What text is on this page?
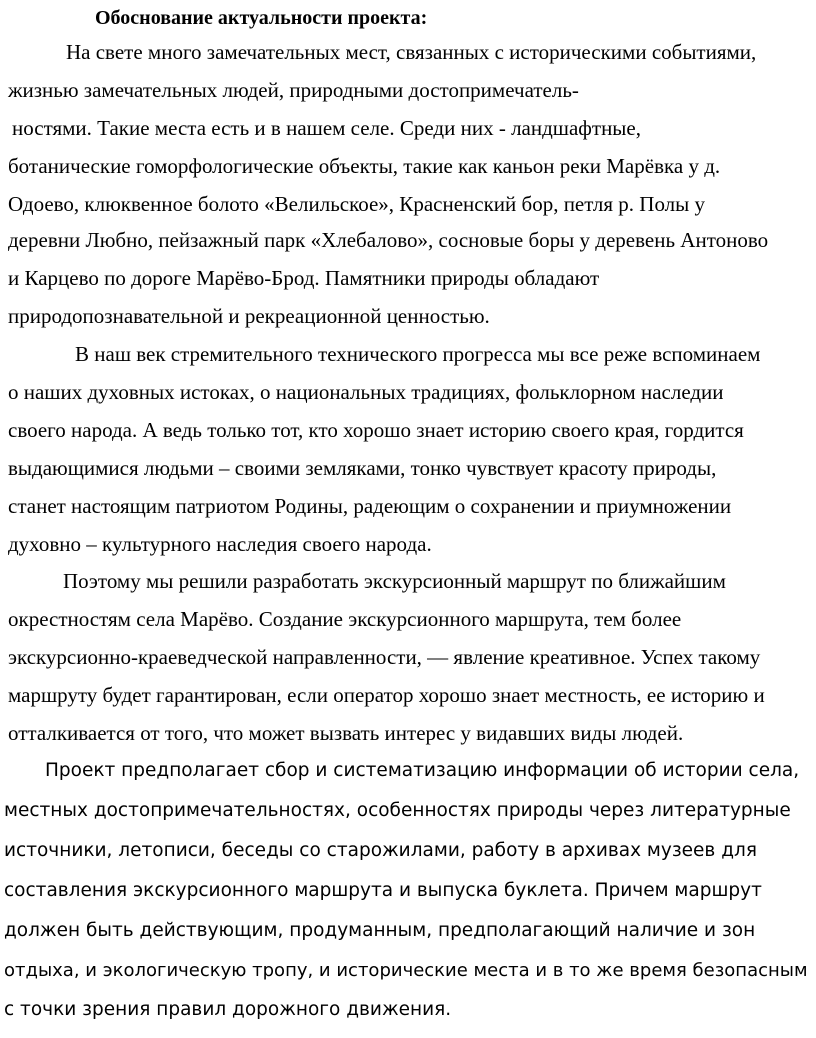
Обоснование актуальности проекта:

На свете много замечательных мест, связанных с историческими событиями,

жизнью замечательных людей, природными достопримечатель-

ностями. Такие места есть и в нашем селе. Среди них - ландшафтные,

ботанические гоморфологические объекты, такие как каньон реки Марёвка у д.

Одоево, клюквенное болото «Велильское», Красненский бор, петля р. Полы у

деревни Любно, пейзажный парк «Хлебалово», сосновые боры у деревень Антоново

и Карцево по дороге Марёво-Брод. Памятники природы обладают

природопознавательной и рекреационной ценностью.

В наш век стремительного технического прогресса мы все реже вспоминаем

о наших духовных истоках, о национальных традициях, фольклорном наследии

своего народа. А ведь только тот, кто хорошо знает историю своего края, гордится

выдающимися людьми – своими земляками, тонко чувствует красоту природы,

станет настоящим патриотом Родины, радеющим о сохранении и приумножении

духовно – культурного наследия своего народа.

Поэтому мы решили разработать экскурсионный маршрут по ближайшим

окрестностям села Марёво. Создание экскурсионного маршрута, тем более

экскурсионно-краеведческой направленности, — явление креативное. Успех такому

маршруту будет гарантирован, если оператор хорошо знает местность, ее историю и

отталкивается от того, что может вызвать интерес у видавших виды людей.

Проект предполагает сбор и систематизацию информации об истории села,

местных достопримечательностях, особенностях природы через литературные

источники, летописи, беседы со старожилами, работу в архивах музеев для

составления экскурсионного маршрута и выпуска буклета. Причем маршрут

должен быть действующим, продуманным, предполагающий наличие и зон

отдыха, и экологическую тропу, и исторические места и в то же время безопасным

с точки зрения правил дорожного движения.
